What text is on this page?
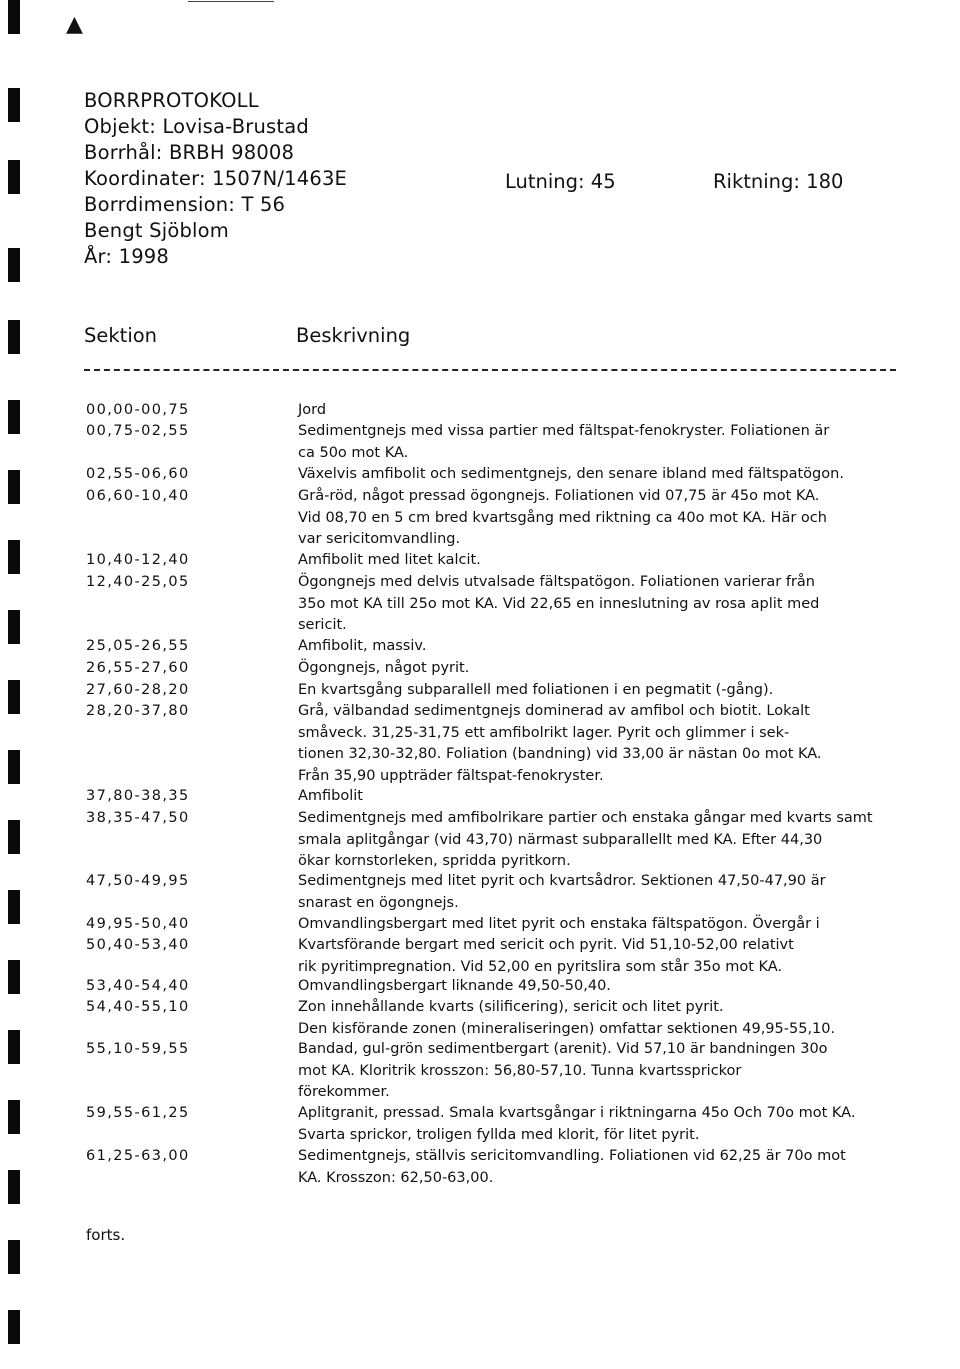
▲
BORRPROTOKOLL
Objekt: Lovisa-Brustad
Borrhål: BRBH 98008
Koordinater: 1507N/1463E
Borrdimension: T 56
Bengt Sjöblom
År: 1998
Lutning: 45	Riktning: 180
Sektion	Beskrivning
00,00-00,75	Jord
00,75-02,55	Sedimentgnejs med vissa partier med fältspat-fenokryster. Foliationen är
ca 50o mot KA.
02,55-06,60	Växelvis amfibolit och sedimentgnejs, den senare ibland med fältspatögon.
06,60-10,40	Grå-röd, något pressad ögongnejs. Foliationen vid 07,75 är 45o mot KA.
Vid 08,70 en 5 cm bred kvartsgång med riktning ca 40o mot KA. Här och
var sericitomvandling.
10,40-12,40	Amfibolit med litet kalcit.
12,40-25,05	Ögongnejs med delvis utvalsade fältspatögon. Foliationen varierar från
35o mot KA till 25o mot KA. Vid 22,65 en inneslutning av rosa aplit med
sericit.
25,05-26,55	Amfibolit, massiv.
26,55-27,60	Ögongnejs, något pyrit.
27,60-28,20	En kvartsgång subparallell med foliationen i en pegmatit (-gång).
28,20-37,80	Grå, välbandad sedimentgnejs dominerad av amfibol och biotit. Lokalt
småveck. 31,25-31,75 ett amfibolrikt lager. Pyrit och glimmer i sek-
tionen 32,30-32,80. Foliation (bandning) vid 33,00 är nästan 0o mot KA.
Från 35,90 uppträder fältspat-fenokryster.
37,80-38,35	Amfibolit
38,35-47,50	Sedimentgnejs med amfibolrikare partier och enstaka gångar med kvarts samt
smala aplitgångar (vid 43,70) närmast subparallellt med KA. Efter 44,30
ökar kornstorleken, spridda pyritkorn.
47,50-49,95	Sedimentgnejs med litet pyrit och kvartsådror. Sektionen 47,50-47,90 är
snarast en ögongnejs.
49,95-50,40	Omvandlingsbergart med litet pyrit och enstaka fältspatögon. Övergår i
50,40-53,40	Kvartsförande bergart med sericit och pyrit. Vid 51,10-52,00 relativt
rik pyritimpregnation. Vid 52,00 en pyritslira som står 35o mot KA.
53,40-54,40	Omvandlingsbergart liknande 49,50-50,40.
54,40-55,10	Zon innehållande kvarts (silificering), sericit och litet pyrit.
Den kisförande zonen (mineraliseringen) omfattar sektionen 49,95-55,10.
55,10-59,55	Bandad, gul-grön sedimentbergart (arenit). Vid 57,10 är bandningen 30o
mot KA. Kloritrik krosszon: 56,80-57,10. Tunna kvartssprickor
förekommer.
59,55-61,25	Aplitgranit, pressad. Smala kvartsgångar i riktningarna 45o Och 70o mot KA.
Svarta sprickor, troligen fyllda med klorit, för litet pyrit.
61,25-63,00	Sedimentgnejs, ställvis sericitomvandling. Foliationen vid 62,25 är 70o mot
KA. Krosszon: 62,50-63,00.
forts.
